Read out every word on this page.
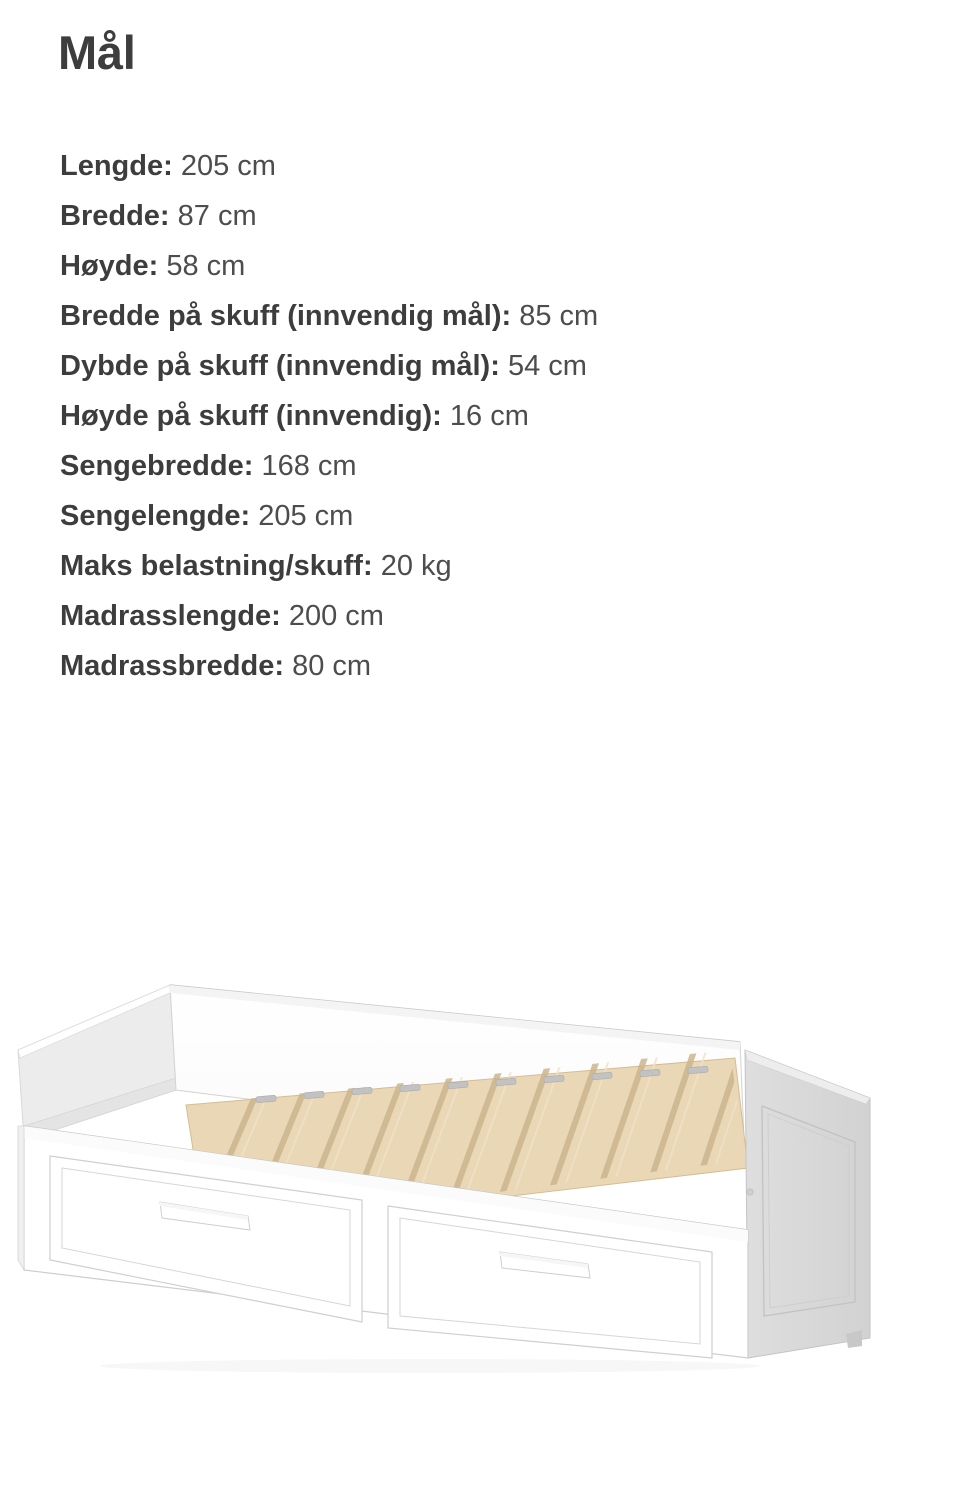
Mål
Lengde: 205 cm
Bredde: 87 cm
Høyde: 58 cm
Bredde på skuff (innvendig mål): 85 cm
Dybde på skuff (innvendig mål): 54 cm
Høyde på skuff (innvendig): 16 cm
Sengebredde: 168 cm
Sengelengde: 205 cm
Maks belastning/skuff: 20 kg
Madrasslengde: 200 cm
Madrassbredde: 80 cm
